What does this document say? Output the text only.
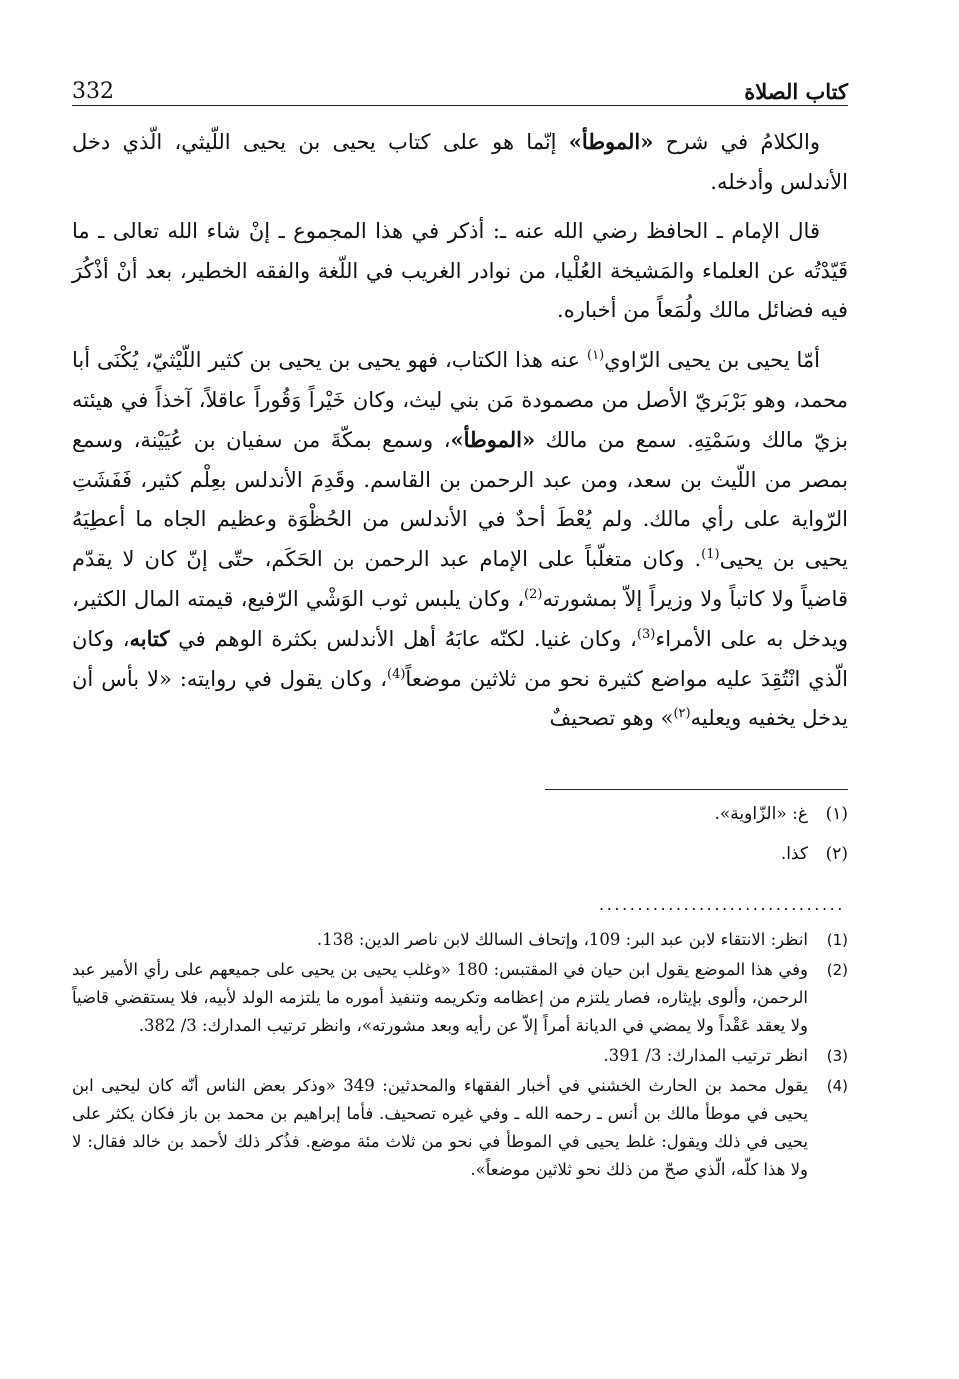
332	كتاب الصلاة

والكلامُ في شرح «الموطأ» إنّما هو على كتاب يحيى بن يحيى اللّيثي، الّذي دخل الأندلس وأدخله.

قال الإمام ـ الحافظ رضي الله عنه ـ: أذكر في هذا المجموع ـ إنْ شاء الله تعالى ـ ما قَيّدْتُه عن العلماء والمَشيخة العُلْيا، من نوادر الغريب في اللّغة والفقه الخطير، بعد أنْ أذْكُرَ فيه فضائل مالك ولُمَعاً من أخباره.

أمّا يحيى بن يحيى الرّاوي$^{(١)}$ عنه هذا الكتاب، فهو يحيى بن يحيى بن كثير اللّيْثيّ، يُكْنَى أبا محمد، وهو بَرْبَريّ الأصل من مصمودة مَن بني ليث، وكان خَيْراً وَقُوراً عاقلاً، آخذاً في هيئته بزيّ مالك وسَمْتِهِ. سمع من مالك «الموطأ»، وسمع بمكّةَ من سفيان بن عُيَيْنة، وسمع بمصر من اللّيث بن سعد، ومن عبد الرحمن بن القاسم. وقَدِمَ الأندلس بعِلْم كثير، فَفَشَتِ الرّواية على رأي مالك. ولم يُعْطَ أحدٌ في الأندلس من الحُظْوَة وعظيم الجاه ما أعطِيَهُ يحيى بن يحيى$^{(1)}$. وكان متغلّباً على الإمام عبد الرحمن بن الحَكَم، حتّى إنّ كان لا يقدّم قاضياً ولا كاتباً ولا وزيراً إلاّ بمشورته$^{(2)}$، وكان يلبس ثوب الوَشْي الرّفيع، قيمته المال الكثير، ويدخل به على الأمراء$^{(3)}$، وكان غنيا. لكنّه عابَهُ أهل الأندلس بكثرة الوهم في كتابه، وكان الّذي انْتُقِدَ عليه مواضع كثيرة نحو من ثلاثين موضعاً$^{(4)}$، وكان يقول في روايته: «لا بأس أن يدخل يخفيه ويعليه$^{(٢)}$» وهو تصحيفٌ

(١)
غ: «الزّاوية».
(٢)
كذا.
................................
(1)
انظر: الانتقاء لابن عبد البر: 109، وإتحاف السالك لابن ناصر الدين: 138.
(2)
وفي هذا الموضع يقول ابن حيان في المقتبس: 180 «وغلب يحيى بن يحيى على جميعهم على رأي الأمير عبد الرحمن، وألوى بإيثاره، فصار يلتزم من إعظامه وتكريمه وتنفيذ أموره ما يلتزمه الولد لأبيه، فلا يستقضي قاضياً ولا يعقد عَقْداً ولا يمضي في الديانة أمراً إلاّ عن رأيه وبعد مشورته»، وانظر ترتيب المدارك: 3/ 382.
(3)
انظر ترتيب المدارك: 3/ 391.
(4)
يقول محمد بن الحارث الخشني في أخبار الفقهاء والمحدثين: 349 «وذكر بعض الناس أنّه كان ليحيى ابن يحيى في موطأ مالك بن أنس ـ رحمه الله ـ وفي غيره تصحيف. فأما إبراهيم بن محمد بن باز فكان يكثر على يحيى في ذلك ويقول: غلط يحيى في الموطأ في نحو من ثلاث مئة موضع. فذُكر ذلك لأحمد بن خالد فقال: لا ولا هذا كلّه، الّذي صحّ من ذلك نحو ثلاثين موضعاً».
